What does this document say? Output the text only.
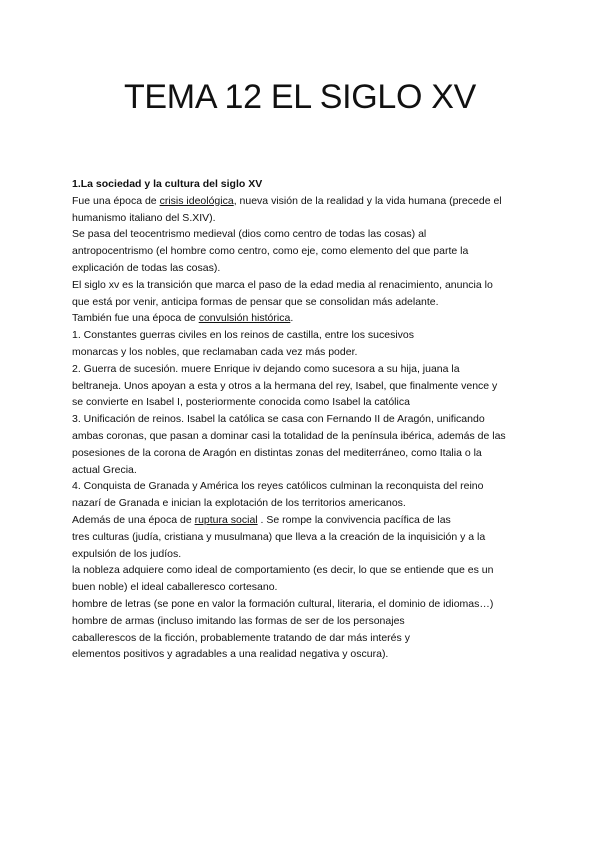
TEMA 12 EL SIGLO XV
1.La sociedad y la cultura del siglo XV
Fue una época de crisis ideológica, nueva visión de la realidad y la vida humana (precede el
humanismo italiano del S.XIV).
Se pasa del teocentrismo medieval (dios como centro de todas las cosas) al
antropocentrismo (el hombre como centro, como eje, como elemento del que parte la
explicación de todas las cosas).
El siglo xv es la transición que marca el paso de la edad media al renacimiento, anuncia lo
que está por venir, anticipa formas de pensar que se consolidan más adelante.
También fue una época de convulsión histórica.
1. Constantes guerras civiles en los reinos de castilla, entre los sucesivos
monarcas y los nobles, que reclamaban cada vez más poder.
2. Guerra de sucesión. muere Enrique iv dejando como sucesora a su hija, juana la
beltraneja. Unos apoyan a esta y otros a la hermana del rey, Isabel, que finalmente vence y
se convierte en Isabel I, posteriormente conocida como Isabel la católica
3. Unificación de reinos. Isabel la católica se casa con Fernando II de Aragón, unificando
ambas coronas, que pasan a dominar casi la totalidad de la península ibérica, además de las
posesiones de la corona de Aragón en distintas zonas del mediterráneo, como Italia o la
actual Grecia.
4. Conquista de Granada y América los reyes católicos culminan la reconquista del reino
nazarí de Granada e inician la explotación de los territorios americanos.
Además de una época de ruptura social . Se rompe la convivencia pacífica de las
tres culturas (judía, cristiana y musulmana) que lleva a la creación de la inquisición y a la
expulsión de los judíos.
la nobleza adquiere como ideal de comportamiento (es decir, lo que se entiende que es un
buen noble) el ideal caballeresco cortesano.
hombre de letras (se pone en valor la formación cultural, literaria, el dominio de idiomas…)
hombre de armas (incluso imitando las formas de ser de los personajes
caballerescos de la ficción, probablemente tratando de dar más interés y
elementos positivos y agradables a una realidad negativa y oscura).
